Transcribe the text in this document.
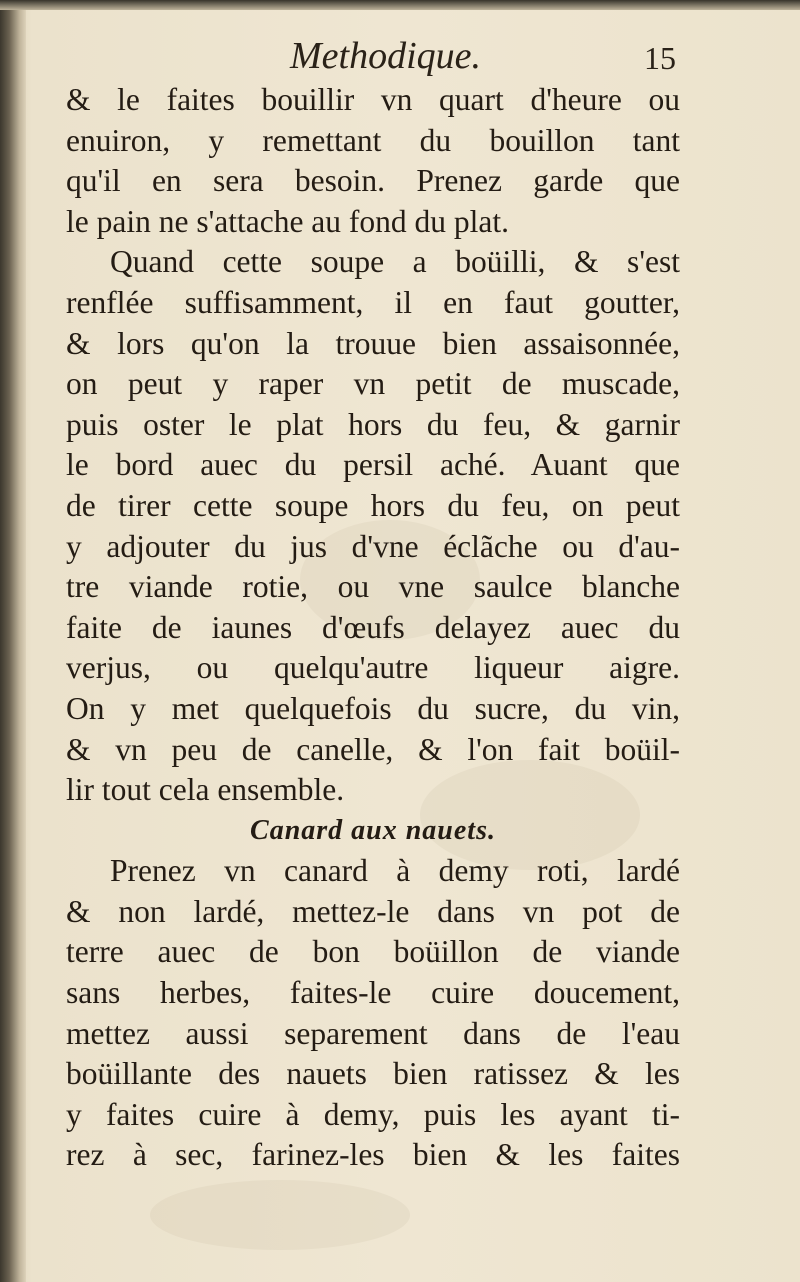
Methodique.	15
& le faites bouillir vn quart d'heure ou
enuiron, y remettant du bouillon tant
qu'il en sera besoin. Prenez garde que
le pain ne s'attache au fond du plat.
Quand cette soupe a boüilli, & s'est
renflée suffisamment, il en faut goutter,
& lors qu'on la trouue bien assaisonnée,
on peut y raper vn petit de muscade,
puis oster le plat hors du feu, & garnir
le bord auec du persil aché. Auant que
de tirer cette soupe hors du feu, on peut
y adjouter du jus d'vne éclãche ou d'au-
tre viande rotie, ou vne saulce blanche
faite de iaunes d'œufs delayez auec du
verjus, ou quelqu'autre liqueur aigre.
On y met quelquefois du sucre, du vin,
& vn peu de canelle, & l'on fait boüil-
lir tout cela ensemble.
Canard aux nauets.
Prenez vn canard à demy roti, lardé
& non lardé, mettez-le dans vn pot de
terre auec de bon boüillon de viande
sans herbes, faites-le cuire doucement,
mettez aussi separement dans de l'eau
boüillante des nauets bien ratissez & les
y faites cuire à demy, puis les ayant ti-
rez à sec, farinez-les bien & les faites
